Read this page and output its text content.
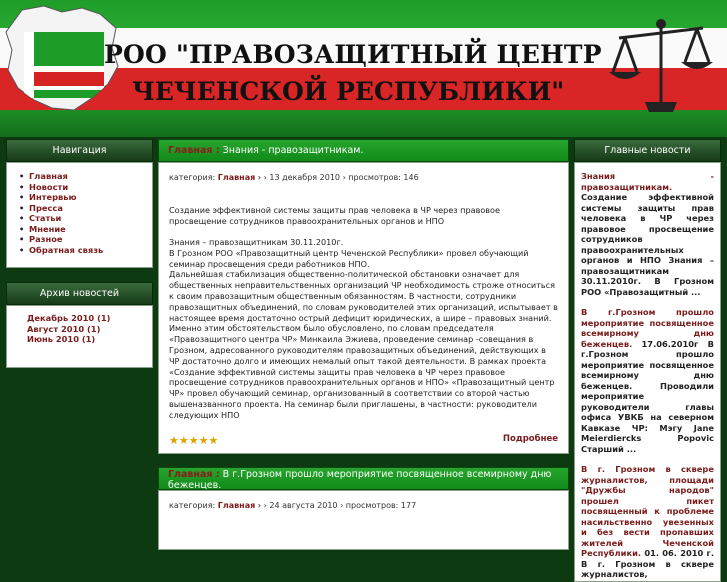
РОО "ПРАВОЗАЩИТНЫЙ ЦЕНТР
ЧЕЧЕНСКОЙ РЕСПУБЛИКИ"
Навигация
• Главная
• Новости
• Интервью
• Прессa
• Статьи
• Мнение
• Разное
• Обратная связь
Архив новостей
Декабрь 2010 (1)
Август 2010 (1)
Июнь 2010 (1)
Главная : Знания - правозащитникам.
категория: Главная › › 13 декабря 2010 › просмотров: 146

Создание эффективной системы защиты прав человека в ЧР через правовое просвещение сотрудников правоохранительных органов и НПО

Знания – правозащитникам 30.11.2010г.

В Грозном РОО «Правозащитный центр Чеченской Республики» провел обучающий семинар просвещения среди работников НПО.

Дальнейшая стабилизация общественно-политической обстановки означает для общественных неправительственных организаций ЧР необходимость строже относиться к своим правозащитным общественным обязанностям. В частности, сотрудники правозащитных объединений, по словам руководителей этих организаций, испытывает в настоящее время достаточно острый дефицит юридических, а шире – правовых знаний. Именно этим обстоятельством было обусловлено, по словам председателя «Правозащитного центра ЧР» Минкаила Эжиева, проведение семинар -совещания в Грозном, адресованного руководителям правозащитных объединений, действующих в ЧР достаточно долго и имеющих немалый опыт такой деятельности. В рамках проекта «Создание эффективной системы защиты прав человека в ЧР через правовое просвещение сотрудников правоохранительных органов и НПО» «Правозащитный центр ЧР» провел обучающий семинар, организованный в соответствии со второй частью вышеназванного проекта. На семинар были приглашены, в частности: руководители следующих НПО

★★★★★	Подробнее
Главная : В г.Грозном прошло мероприятие посвященное всемирному дню беженцев.
категория: Главная › › 24 августа 2010 › просмотров: 177
Главные новости

Знания - правозащитникам. Создание эффективной системы защиты прав человека в ЧР через правовое просвещение сотрудников правоохранительных органов и НПО Знания – правозащитникам 30.11.2010г. В Грозном РОО «Правозащитный ...

В г.Грозном прошло мероприятие посвященное всемирному дню беженцев. 17.06.2010г В г.Грозном прошло мероприятие посвященное всемирному дню беженцев. Проводили мероприятие руководители главы офиса УВКБ на северном Кавказе ЧР: Мэгу Jane Meierdiercks Popovic Старший ...

В г. Грозном в сквере журналистов, площади "Дружбы народов" прошел пикет посвященный к проблеме насильственно увезенных и без вести пропавших жителей Чеченской Республики. 01. 06. 2010 г. В г. Грозном в сквере журналистов,
